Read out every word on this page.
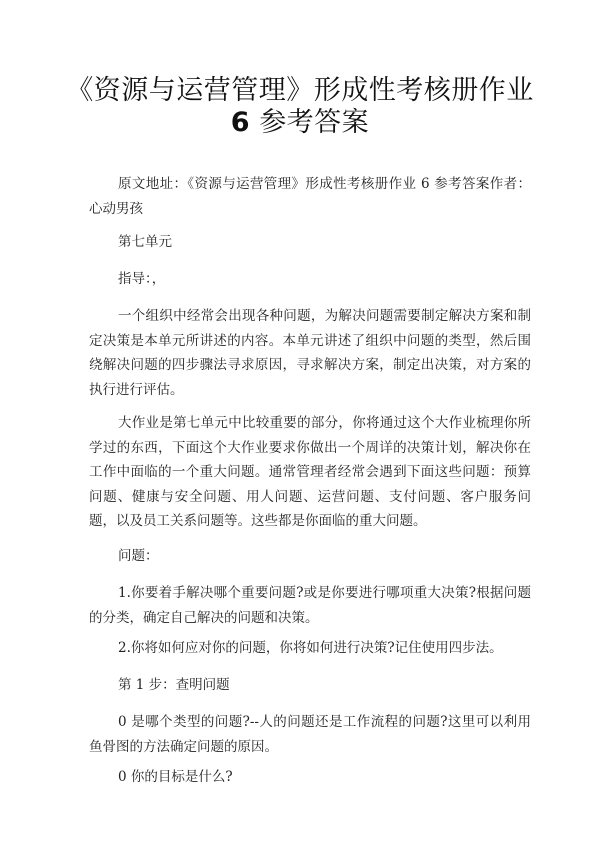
《资源与运营管理》形成性考核册作业
6 参考答案

原文地址：《资源与运营管理》形成性考核册作业 6 参考答案作者：心动男孩

第七单元

指导：，

一个组织中经常会出现各种问题，为解决问题需要制定解决方案和制定决策是本单元所讲述的内容。本单元讲述了组织中问题的类型，然后围绕解决问题的四步骤法寻求原因，寻求解决方案，制定出决策，对方案的执行进行评估。

大作业是第七单元中比较重要的部分，你将通过这个大作业梳理你所学过的东西，下面这个大作业要求你做出一个周详的决策计划，解决你在工作中面临的一个重大问题。通常管理者经常会遇到下面这些问题：预算问题、健康与安全问题、用人问题、运营问题、支付问题、客户服务问题，以及员工关系问题等。这些都是你面临的重大问题。

问题：

1.你要着手解决哪个重要问题?或是你要进行哪项重大决策?根据问题的分类，确定自己解决的问题和决策。

2.你将如何应对你的问题，你将如何进行决策?记住使用四步法。

第 1 步：查明问题

0 是哪个类型的问题?--人的问题还是工作流程的问题?这里可以利用鱼骨图的方法确定问题的原因。

0 你的目标是什么?
